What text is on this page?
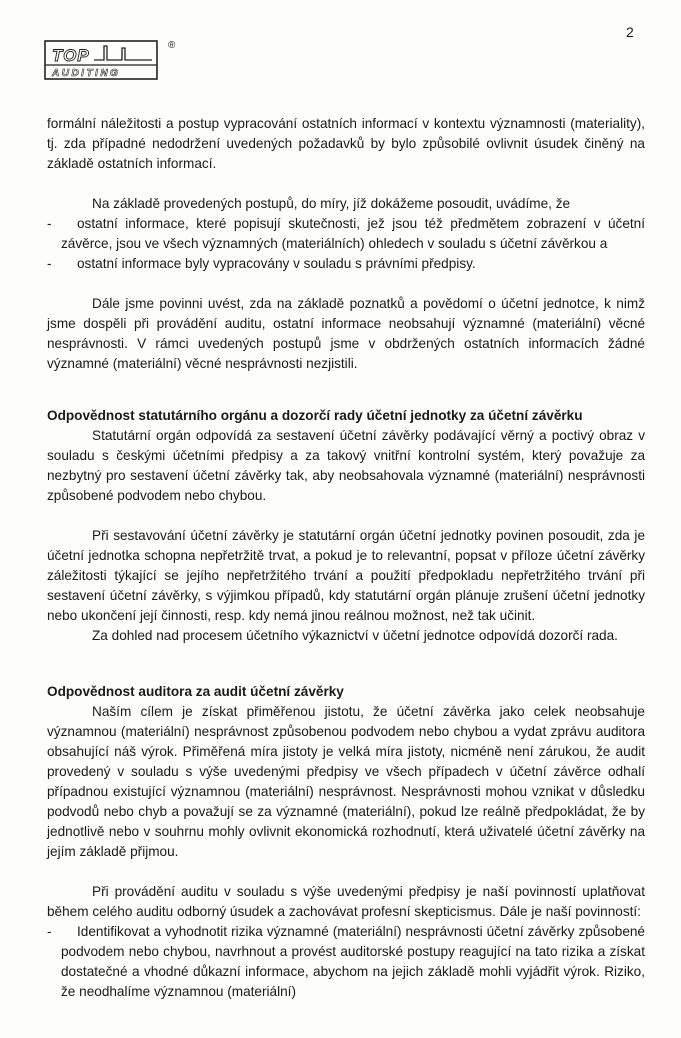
2
TOP
AUDITING
®

formální náležitosti a postup vypracování ostatních informací v kontextu významnosti (materiality), tj. zda případné nedodržení uvedených požadavků by bylo způsobilé ovlivnit úsudek činěný na základě ostatních informací.

Na základě provedených postupů, do míry, jíž dokážeme posoudit, uvádíme, že

-	ostatní informace, které popisují skutečnosti, jež jsou též předmětem zobrazení v účetní závěrce, jsou ve všech významných (materiálních) ohledech v souladu s účetní závěrkou a
-	ostatní informace byly vypracovány v souladu s právními předpisy.

Dále jsme povinni uvést, zda na základě poznatků a povědomí o účetní jednotce, k nimž jsme dospěli při provádění auditu, ostatní informace neobsahují významné (materiální) věcné nesprávnosti. V rámci uvedených postupů jsme v obdržených ostatních informacích žádné významné (materiální) věcné nesprávnosti nezjistili.

Odpovědnost statutárního orgánu a dozorčí rady účetní jednotky za účetní závěrku

Statutární orgán odpovídá za sestavení účetní závěrky podávající věrný a poctivý obraz v souladu s českými účetními předpisy a za takový vnitřní kontrolní systém, který považuje za nezbytný pro sestavení účetní závěrky tak, aby neobsahovala významné (materiální) nesprávnosti způsobené podvodem nebo chybou.

Při sestavování účetní závěrky je statutární orgán účetní jednotky povinen posoudit, zda je účetní jednotka schopna nepřetržitě trvat, a pokud je to relevantní, popsat v příloze účetní závěrky záležitosti týkající se jejího nepřetržitého trvání a použití předpokladu nepřetržitého trvání při sestavení účetní závěrky, s výjimkou případů, kdy statutární orgán plánuje zrušení účetní jednotky nebo ukončení její činnosti, resp. kdy nemá jinou reálnou možnost, než tak učinit.

Za dohled nad procesem účetního výkaznictví v účetní jednotce odpovídá dozorčí rada.

Odpovědnost auditora za audit účetní závěrky

Naším cílem je získat přiměřenou jistotu, že účetní závěrka jako celek neobsahuje významnou (materiální) nesprávnost způsobenou podvodem nebo chybou a vydat zprávu auditora obsahující náš výrok. Přiměřená míra jistoty je velká míra jistoty, nicméně není zárukou, že audit provedený v souladu s výše uvedenými předpisy ve všech případech v účetní závěrce odhalí případnou existující významnou (materiální) nesprávnost. Nesprávnosti mohou vznikat v důsledku podvodů nebo chyb a považují se za významné (materiální), pokud lze reálně předpokládat, že by jednotlivě nebo v souhrnu mohly ovlivnit ekonomická rozhodnutí, která uživatelé účetní závěrky na jejím základě přijmou.

Při provádění auditu v souladu s výše uvedenými předpisy je naší povinností uplatňovat během celého auditu odborný úsudek a zachovávat profesní skepticismus. Dále je naší povinností:

-	Identifikovat a vyhodnotit rizika významné (materiální) nesprávnosti účetní závěrky způsobené podvodem nebo chybou, navrhnout a provést auditorské postupy reagující na tato rizika a získat dostatečné a vhodné důkazní informace, abychom na jejich základě mohli vyjádřit výrok. Riziko, že neodhalíme významnou (materiální)
